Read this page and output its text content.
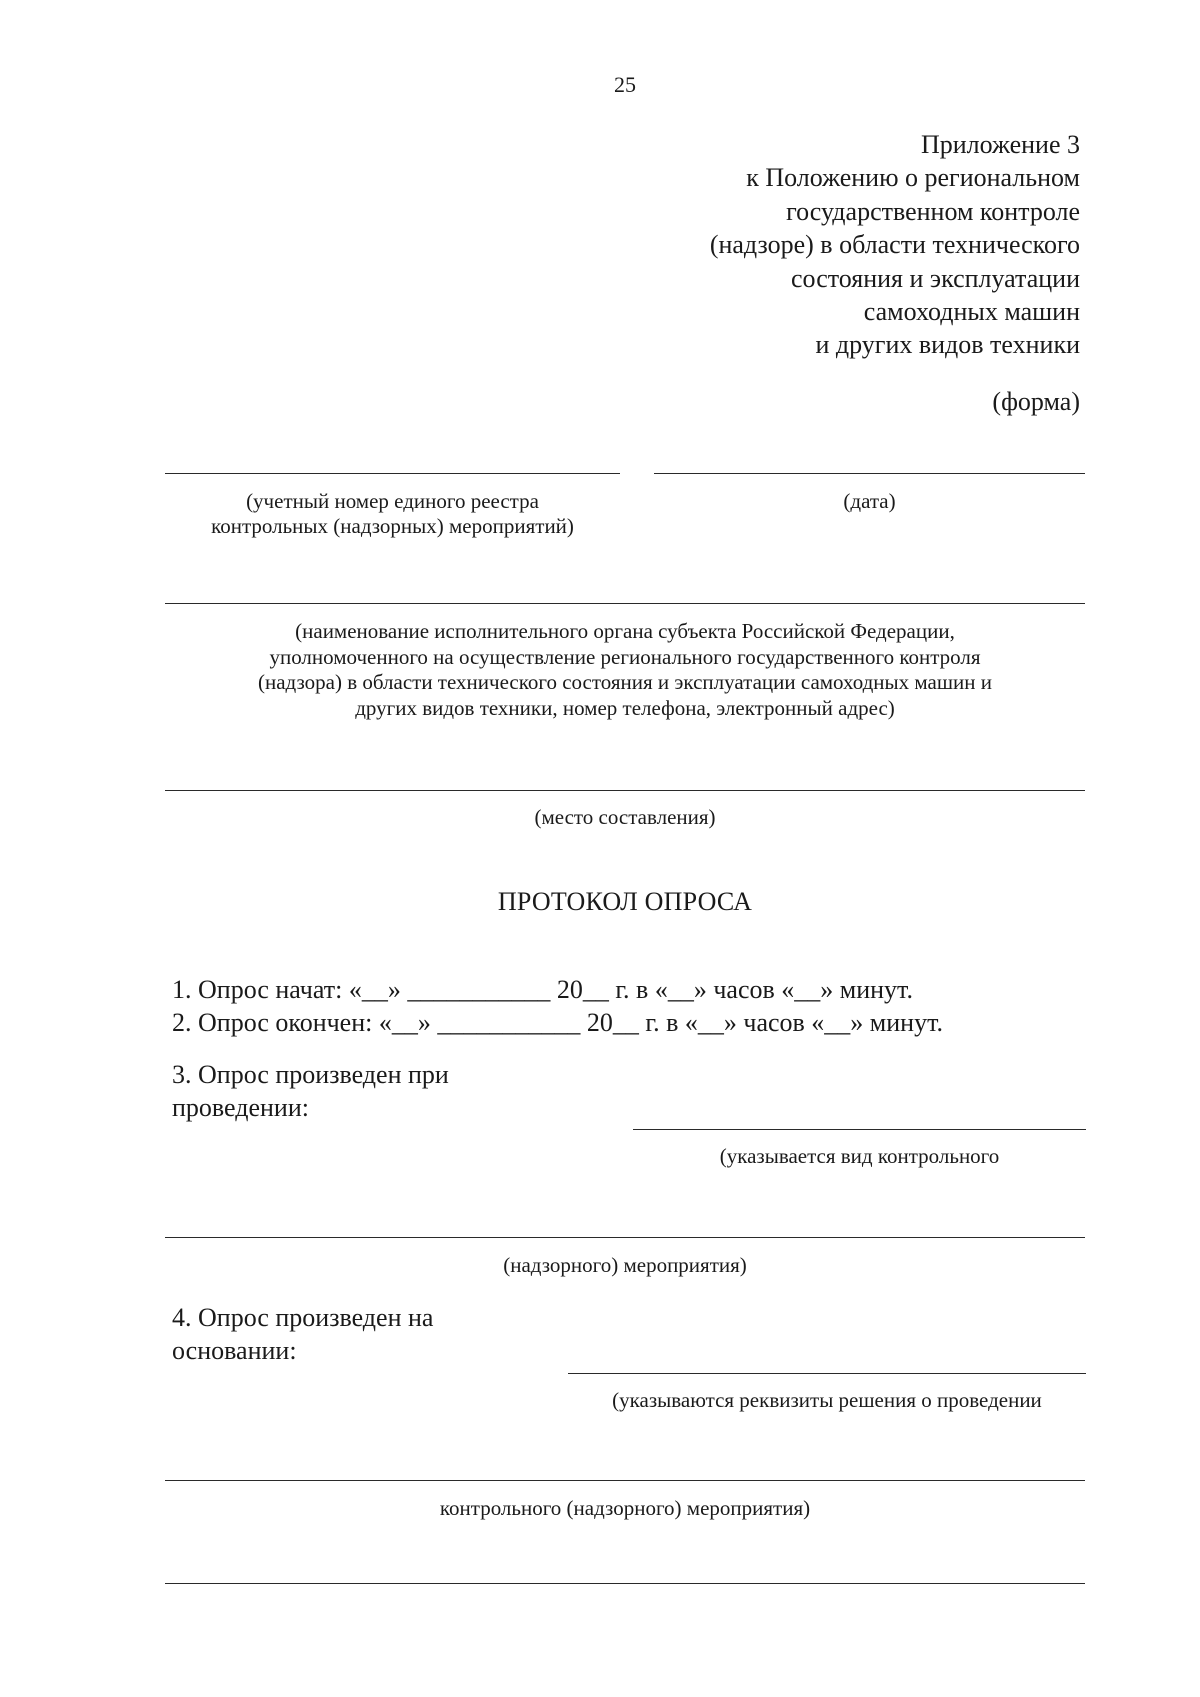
25
Приложение 3
к Положению о региональном
государственном контроле
(надзоре) в области технического
состояния и эксплуатации
самоходных машин
и других видов техники
(форма)
(учетный номер единого реестра
контрольных (надзорных) мероприятий)
(дата)
(наименование исполнительного органа субъекта Российской Федерации,
уполномоченного на осуществление регионального государственного контроля
(надзора) в области технического состояния и эксплуатации самоходных машин и
других видов техники, номер телефона, электронный адрес)
(место составления)
ПРОТОКОЛ ОПРОСА
1. Опрос начат: «__» ___________ 20__ г. в «__» часов «__» минут.
2. Опрос окончен: «__» ___________ 20__ г. в «__» часов «__» минут.
3. Опрос произведен при
проведении:
(указывается вид контрольного
(надзорного) мероприятия)
4. Опрос произведен на
основании:
(указываются реквизиты решения о проведении
контрольного (надзорного) мероприятия)
